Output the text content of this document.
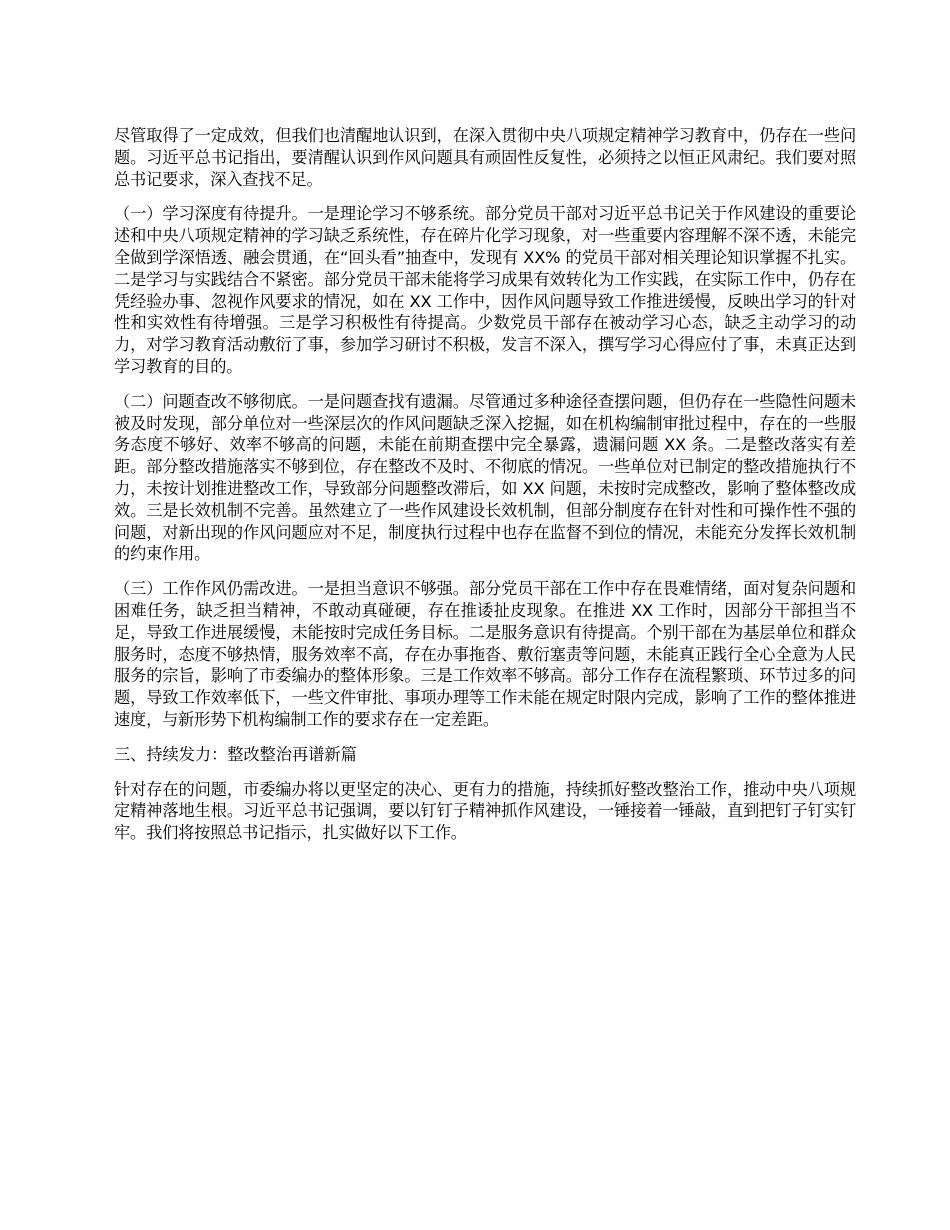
尽管取得了一定成效，但我们也清醒地认识到，在深入贯彻中央八项规定精神学习教育中，仍存在一些问题。习近平总书记指出，要清醒认识到作风问题具有顽固性反复性，必须持之以恒正风肃纪。我们要对照总书记要求，深入查找不足。

（一）学习深度有待提升。一是理论学习不够系统。部分党员干部对习近平总书记关于作风建设的重要论述和中央八项规定精神的学习缺乏系统性，存在碎片化学习现象，对一些重要内容理解不深不透，未能完全做到学深悟透、融会贯通，在“回头看”抽查中，发现有 XX% 的党员干部对相关理论知识掌握不扎实。二是学习与实践结合不紧密。部分党员干部未能将学习成果有效转化为工作实践，在实际工作中，仍存在凭经验办事、忽视作风要求的情况，如在 XX 工作中，因作风问题导致工作推进缓慢，反映出学习的针对性和实效性有待增强。三是学习积极性有待提高。少数党员干部存在被动学习心态，缺乏主动学习的动力，对学习教育活动敷衍了事，参加学习研讨不积极，发言不深入，撰写学习心得应付了事，未真正达到学习教育的目的。

（二）问题查改不够彻底。一是问题查找有遗漏。尽管通过多种途径查摆问题，但仍存在一些隐性问题未被及时发现，部分单位对一些深层次的作风问题缺乏深入挖掘，如在机构编制审批过程中，存在的一些服务态度不够好、效率不够高的问题，未能在前期查摆中完全暴露，遗漏问题 XX 条。二是整改落实有差距。部分整改措施落实不够到位，存在整改不及时、不彻底的情况。一些单位对已制定的整改措施执行不力，未按计划推进整改工作，导致部分问题整改滞后，如 XX 问题，未按时完成整改，影响了整体整改成效。三是长效机制不完善。虽然建立了一些作风建设长效机制，但部分制度存在针对性和可操作性不强的问题，对新出现的作风问题应对不足，制度执行过程中也存在监督不到位的情况，未能充分发挥长效机制的约束作用。

（三）工作作风仍需改进。一是担当意识不够强。部分党员干部在工作中存在畏难情绪，面对复杂问题和困难任务，缺乏担当精神，不敢动真碰硬，存在推诿扯皮现象。在推进 XX 工作时，因部分干部担当不足，导致工作进展缓慢，未能按时完成任务目标。二是服务意识有待提高。个别干部在为基层单位和群众服务时，态度不够热情，服务效率不高，存在办事拖沓、敷衍塞责等问题，未能真正践行全心全意为人民服务的宗旨，影响了市委编办的整体形象。三是工作效率不够高。部分工作存在流程繁琐、环节过多的问题，导致工作效率低下，一些文件审批、事项办理等工作未能在规定时限内完成，影响了工作的整体推进速度，与新形势下机构编制工作的要求存在一定差距。

三、持续发力：整改整治再谱新篇

针对存在的问题，市委编办将以更坚定的决心、更有力的措施，持续抓好整改整治工作，推动中央八项规定精神落地生根。习近平总书记强调，要以钉钉子精神抓作风建设，一锤接着一锤敲，直到把钉子钉实钉牢。我们将按照总书记指示，扎实做好以下工作。
